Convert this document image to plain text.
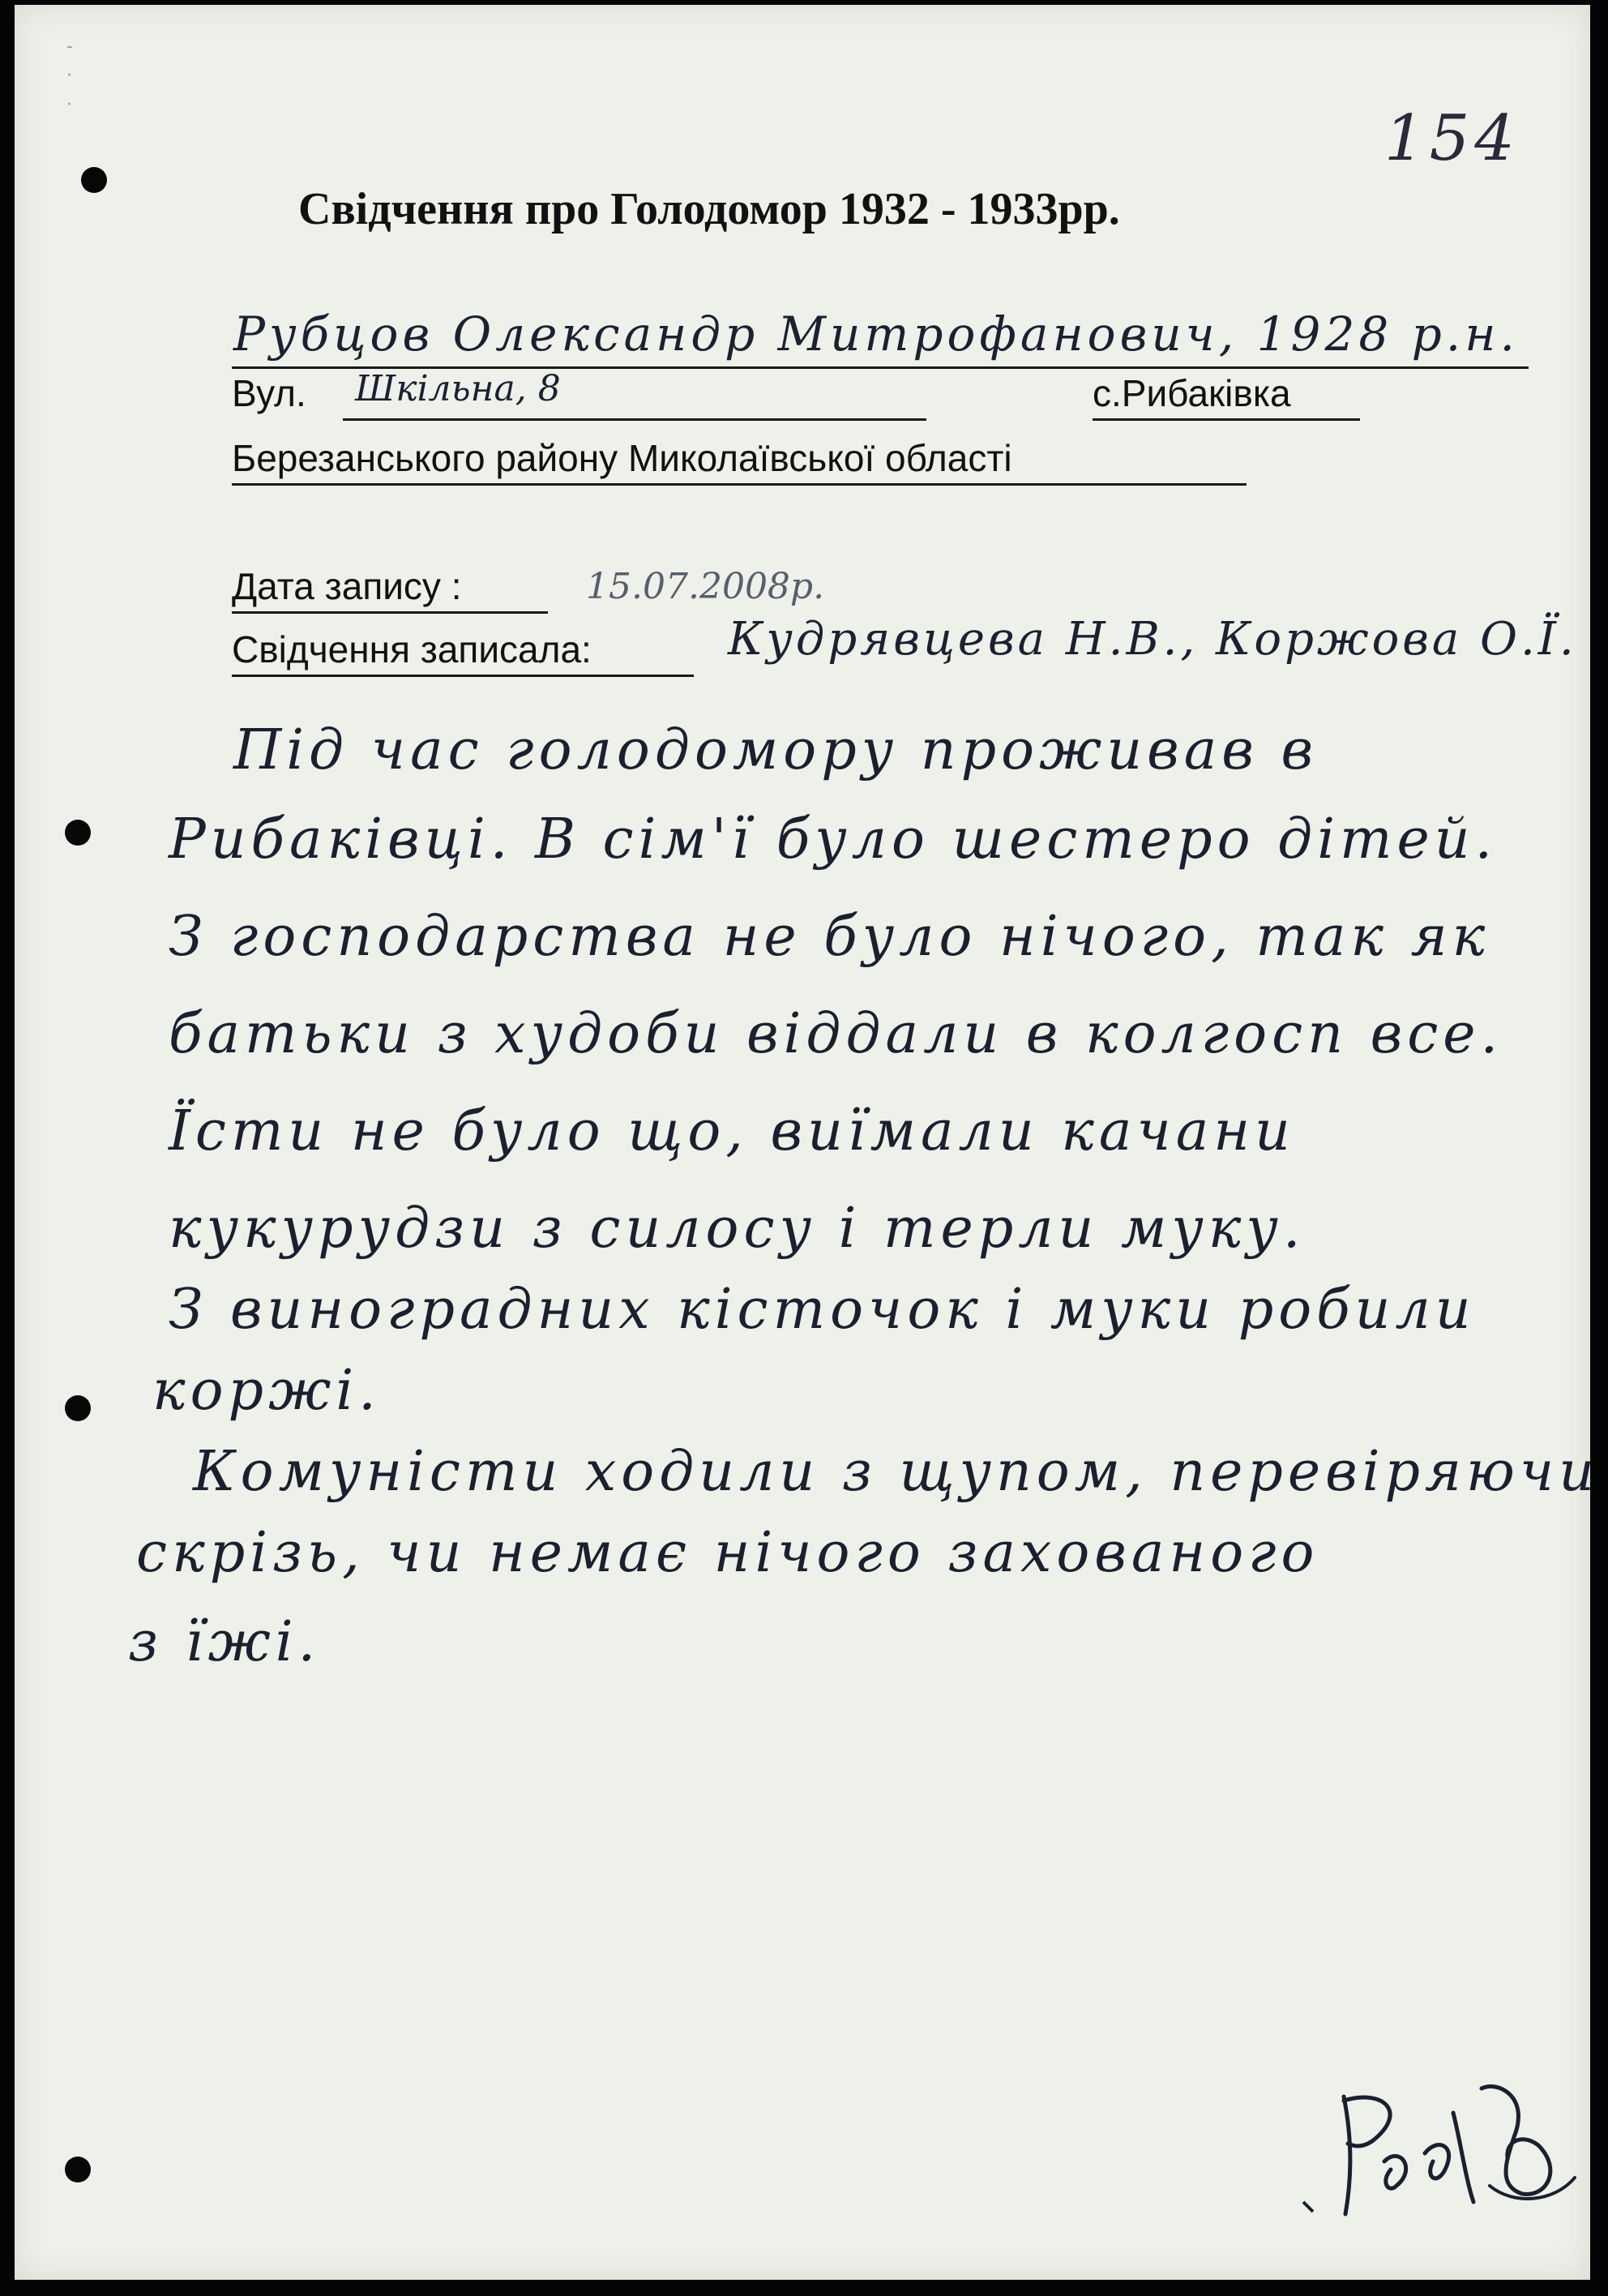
-
·
·	154
Свідчення про Голодомор 1932 - 1933рр.
Рубцов Олександр Митрофанович, 1928 р.н.
Вул. Шкільна, 8	с.Рибаківка
Березанського району Миколаївської області
Дата запису :	15.07.2008р.
Свідчення записала:	Кудрявцева Н.В., Коржова О.Ї.
Під час голодомору проживав в
Рибаківці. В сім'ї було шестеро дітей.
З господарства не було нічого, так як
батьки з худоби віддали в колгосп все.
Їсти не було що, виїмали качани
кукурудзи з силосу і терли муку.
З виноградних кісточок і муки робили
коржі.
Комуністи ходили з щупом, перевіряючи
скрізь, чи немає нічого захованого
з їжі.
